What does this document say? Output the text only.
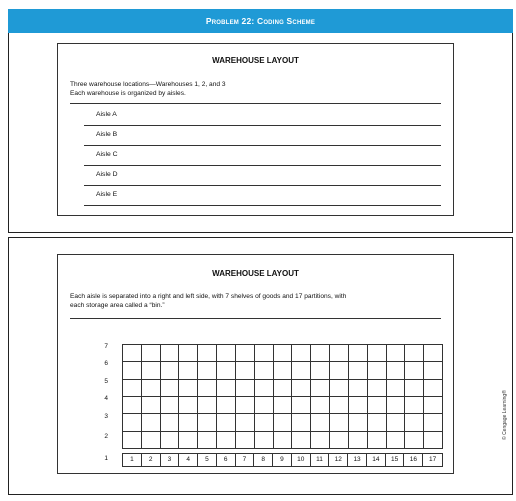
Problem 22: Coding Scheme
WAREHOUSE LAYOUT
Three warehouse locations—Warehouses 1, 2, and 3
Each warehouse is organized by aisles.
Aisle A
Aisle B
Aisle C
Aisle D
Aisle E
WAREHOUSE LAYOUT
Each aisle is separated into a right and left side, with 7 shelves of goods and 17 partitions, with
each storage area called a “bin.”
7
6
5
4
3
2
1	1	2	3	4	5	6	7	8	9	10	11	12	13	14	15	16	17
© Cengage Learning®
